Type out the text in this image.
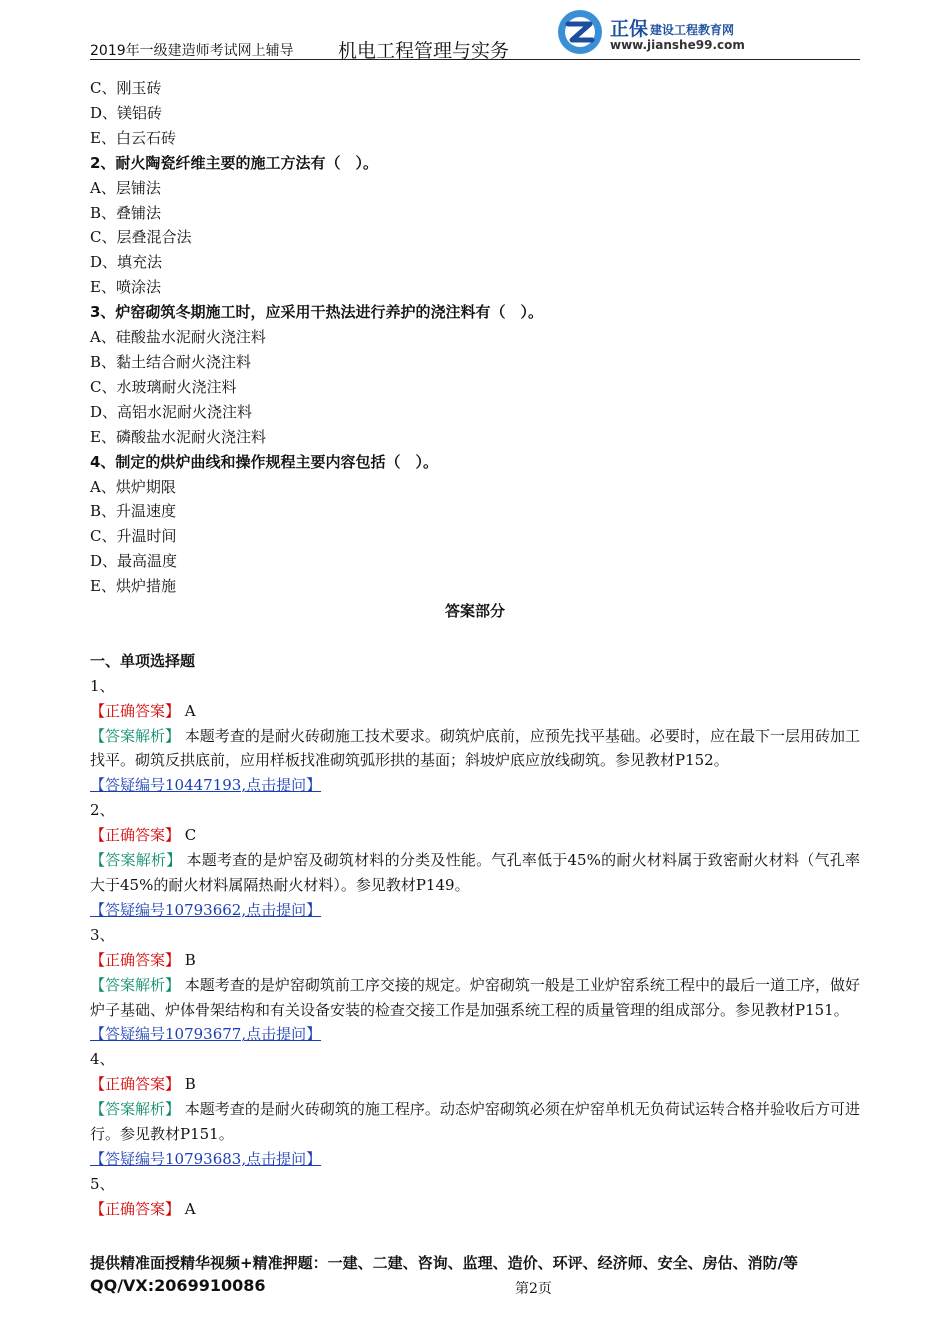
2019年一级建造师考试网上辅导 机电工程管理与实务
正保 建设工程教育网
www.jianshe99.com
C、刚玉砖
D、镁铝砖
E、白云石砖
2、耐火陶瓷纤维主要的施工方法有（　）。
A、层铺法
B、叠铺法
C、层叠混合法
D、填充法
E、喷涂法
3、炉窑砌筑冬期施工时，应采用干热法进行养护的浇注料有（　）。
A、硅酸盐水泥耐火浇注料
B、黏土结合耐火浇注料
C、水玻璃耐火浇注料
D、高铝水泥耐火浇注料
E、磷酸盐水泥耐火浇注料
4、制定的烘炉曲线和操作规程主要内容包括（　）。
A、烘炉期限
B、升温速度
C、升温时间
D、最高温度
E、烘炉措施
答案部分
一、单项选择题
1、
【正确答案】 A
【答案解析】 本题考查的是耐火砖砌施工技术要求。砌筑炉底前，应预先找平基础。必要时，应在最下一层用砖加工找平。砌筑反拱底前，应用样板找准砌筑弧形拱的基面；斜坡炉底应放线砌筑。参见教材P152。
【答疑编号10447193,点击提问】
2、
【正确答案】 C
【答案解析】 本题考查的是炉窑及砌筑材料的分类及性能。气孔率低于45%的耐火材料属于致密耐火材料（气孔率大于45%的耐火材料属隔热耐火材料）。参见教材P149。
【答疑编号10793662,点击提问】
3、
【正确答案】 B
【答案解析】 本题考查的是炉窑砌筑前工序交接的规定。炉窑砌筑一般是工业炉窑系统工程中的最后一道工序，做好炉子基础、炉体骨架结构和有关设备安装的检查交接工作是加强系统工程的质量管理的组成部分。参见教材P151。
【答疑编号10793677,点击提问】
4、
【正确答案】 B
【答案解析】 本题考查的是耐火砖砌筑的施工程序。动态炉窑砌筑必须在炉窑单机无负荷试运转合格并验收后方可进行。参见教材P151。
【答疑编号10793683,点击提问】
5、
【正确答案】 A
提供精准面授精华视频+精准押题：一建、二建、咨询、监理、造价、环评、经济师、安全、房估、消防/等
QQ/VX:2069910086	第2页
